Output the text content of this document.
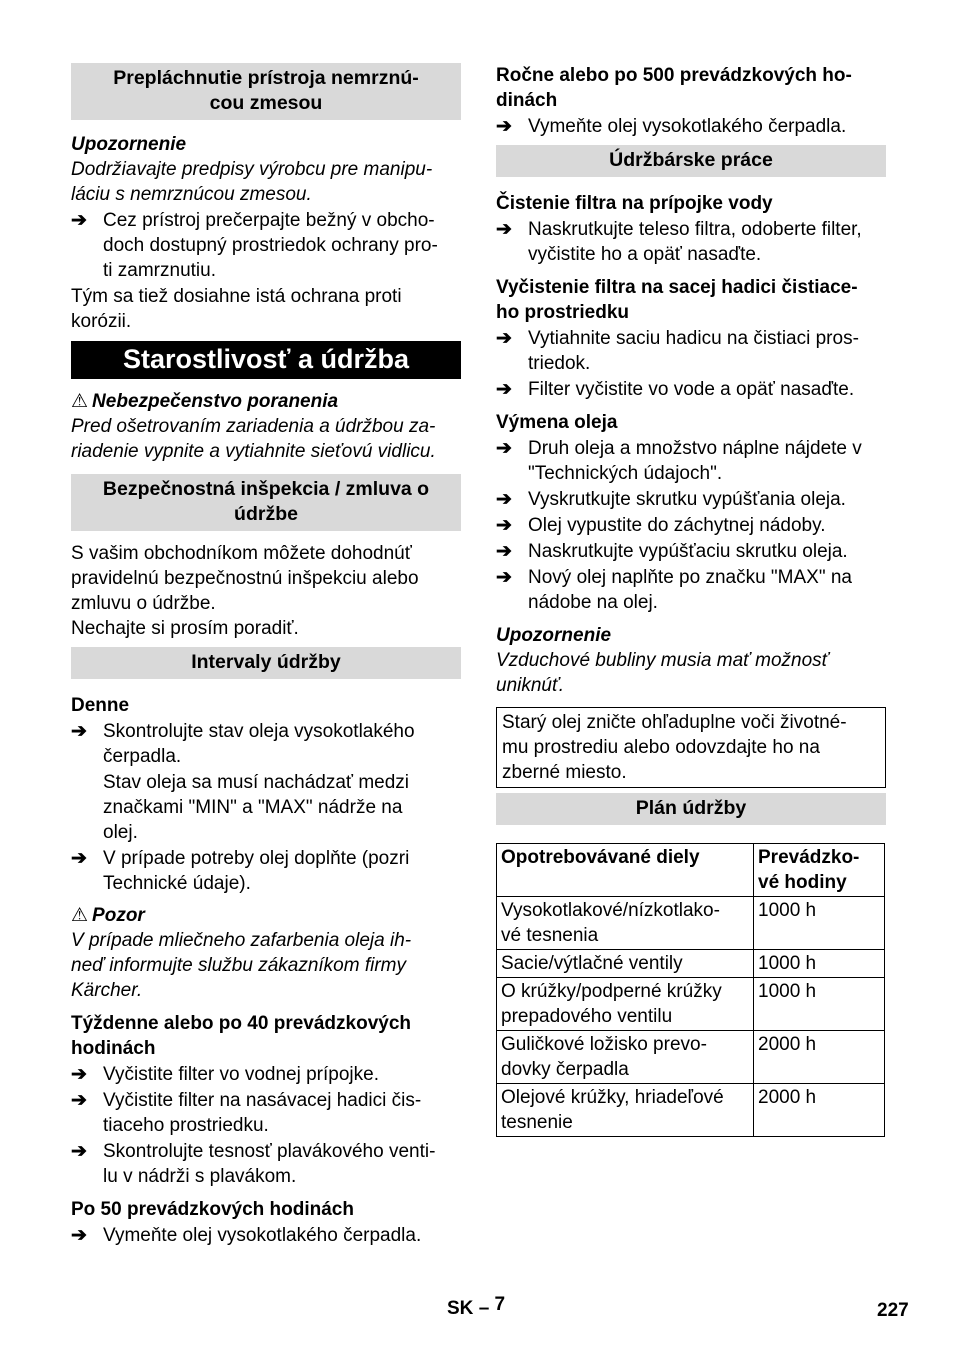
Prepláchnutie prístroja nemrznú-
cou zmesou

Upozornenie

Dodržiavajte predpisy výrobcu pre manipu-
láciu s nemrznúcou zmesou.

➔ Cez prístroj prečerpajte bežný v obcho-
doch dostupný prostriedok ochrany pro-
ti zamrznutiu.

Tým sa tiež dosiahne istá ochrana proti
korózii.

Starostlivosť a údržba

⚠ Nebezpečenstvo poranenia

Pred ošetrovaním zariadenia a údržbou za-
riadenie vypnite a vytiahnite sieťovú vidlicu.

Bezpečnostná inšpekcia / zmluva o
údržbe

S vašim obchodníkom môžete dohodnúť
pravidelnú bezpečnostnú inšpekciu alebo
zmluvu o údržbe.

Nechajte si prosím poradiť.

Intervaly údržby

Denne

➔ Skontrolujte stav oleja vysokotlakého
čerpadla.

Stav oleja sa musí nachádzať medzi
značkami "MIN" a "MAX" nádrže na
olej.

➔ V prípade potreby olej doplňte (pozri
Technické údaje).

⚠ Pozor

V prípade mliečneho zafarbenia oleja ih-
neď informujte službu zákazníkom firmy
Kärcher.

Týždenne alebo po 40 prevádzkových
hodinách

➔ Vyčistite filter vo vodnej prípojke.
➔ Vyčistite filter na nasávacej hadici čis-
tiaceho prostriedku.
➔ Skontrolujte tesnosť plavákového venti-
lu v nádrži s plavákom.

Po 50 prevádzkových hodinách

➔ Vymeňte olej vysokotlakého čerpadla.

Ročne alebo po 500 prevádzkových ho-
dinách

➔ Vymeňte olej vysokotlakého čerpadla.
Údržbárske práce

Čistenie filtra na prípojke vody

➔ Naskrutkujte teleso filtra, odoberte filter,
vyčistite ho a opäť nasaďte.

Vyčistenie filtra na sacej hadici čistiace-
ho prostriedku

➔ Vytiahnite saciu hadicu na čistiaci pros-
triedok.
➔ Filter vyčistite vo vode a opäť nasaďte.

Výmena oleja

➔ Druh oleja a množstvo náplne nájdete v
"Technických údajoch".
➔ Vyskrutkujte skrutku vypúšťania oleja.
➔ Olej vypustite do záchytnej nádoby.
➔ Naskrutkujte vypúšťaciu skrutku oleja.
➔ Nový olej naplňte po značku "MAX" na
nádobe na olej.

Upozornenie

Vzduchové bubliny musia mať možnosť
uniknúť.

Starý olej zničte ohľaduplne voči životné-
mu prostrediu alebo odovzdajte ho na
zberné miesto.
Plán údržby
Opotrebovávané diely	Prevádzko-
vé hodiny
Vysokotlakové/nízkotlako-
vé tesnenia	1000 h
Sacie/výtlačné ventily	1000 h
O krúžky/podperné krúžky
prepadového ventilu	1000 h
Guličkové ložisko prevo-
dovky čerpadla	2000 h
Olejové krúžky, hriadeľové
tesnenie	2000 h
SK – 7	227
